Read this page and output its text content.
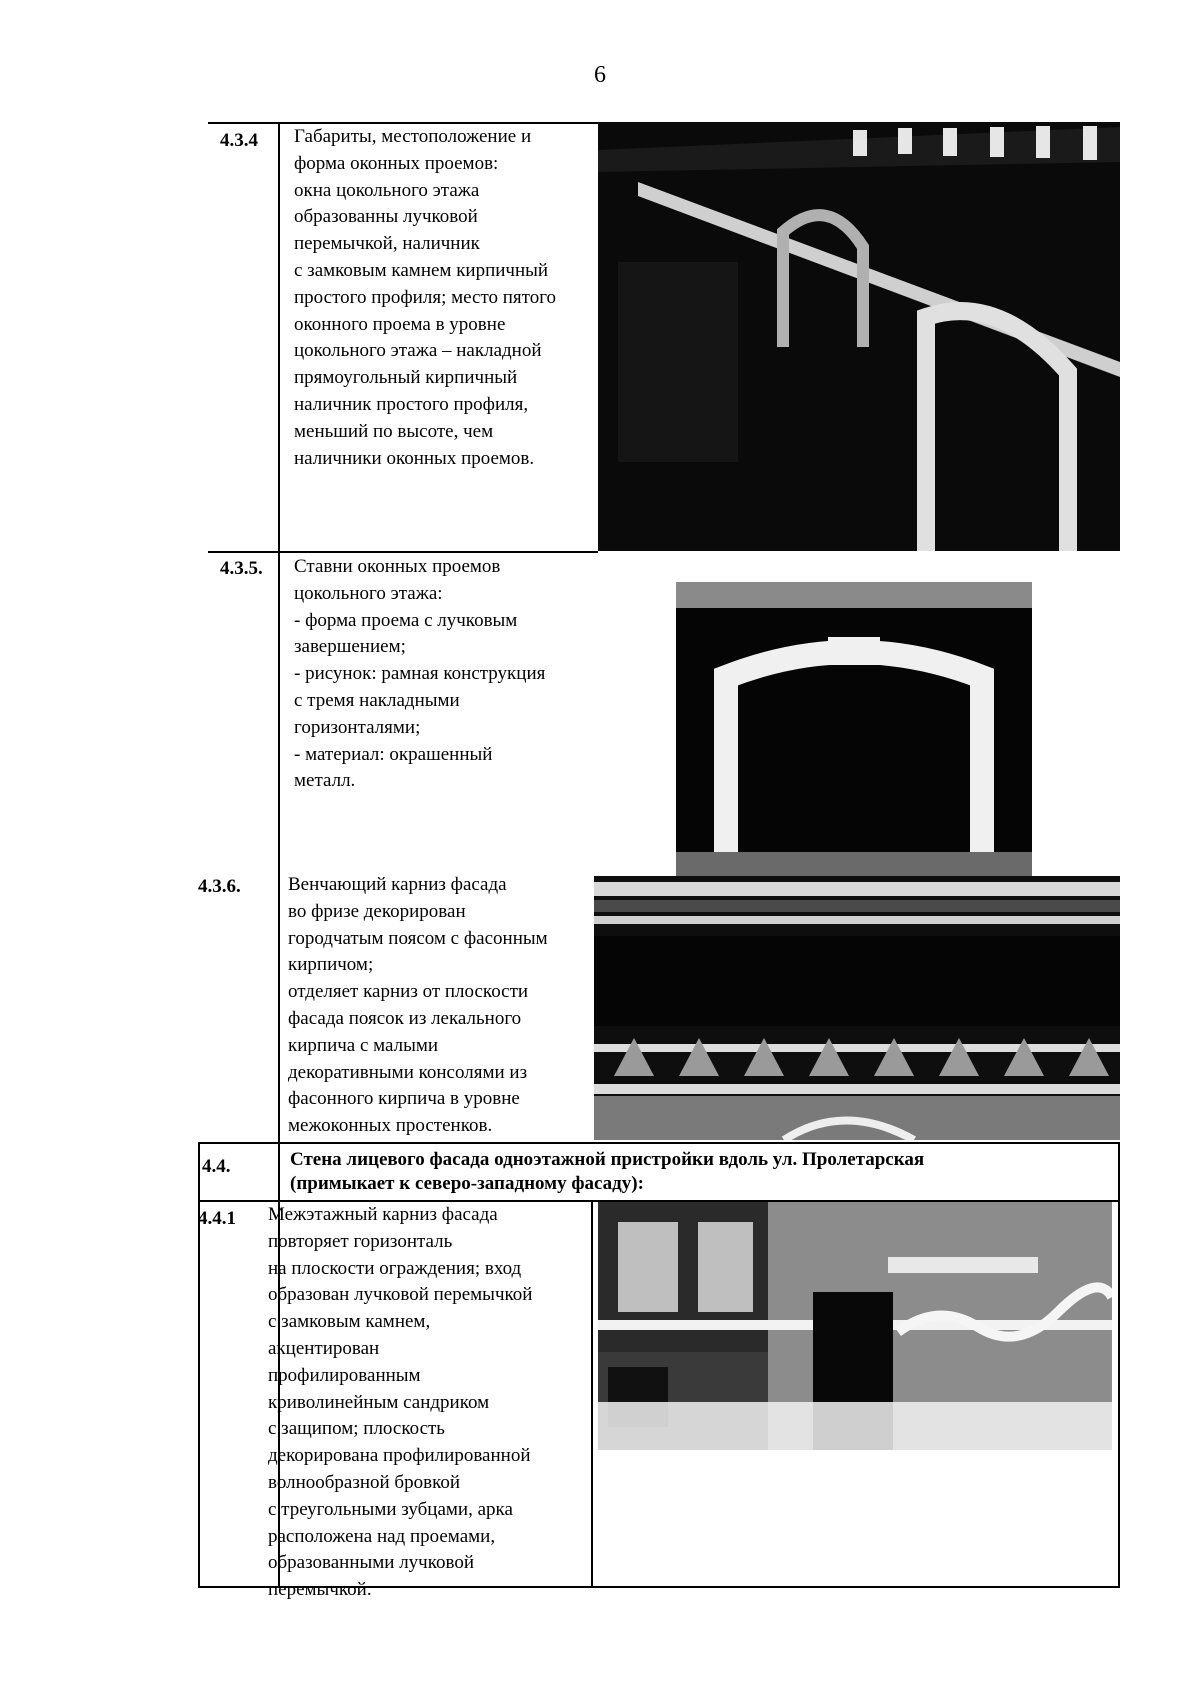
6
4.3.4 Габариты, местоположение и
форма оконных проемов:
окна цокольного этажа
образованны лучковой
перемычкой, наличник
с замковым камнем кирпичный
простого профиля; место пятого
оконного проема в уровне
цокольного этажа – накладной
прямоугольный кирпичный
наличник простого профиля,
меньший по высоте, чем
наличники оконных проемов.
4.3.5. Ставни оконных проемов
цокольного этажа:
- форма проема с лучковым
завершением;
- рисунок: рамная конструкция
с тремя накладными
горизонталями;
- материал: окрашенный
металл.
4.3.6. Венчающий карниз фасада
во фризе декорирован
городчатым поясом с фасонным
кирпичом;
отделяет карниз от плоскости
фасада поясок из лекального
кирпича с малыми
декоративными консолями из
фасонного кирпича в уровне
межоконных простенков.
4.4.	Стена лицевого фасада одноэтажной пристройки вдоль ул. Пролетарская
(примыкает к северо-западному фасаду):
4.4.1 Межэтажный карниз фасада
повторяет горизонталь
на плоскости ограждения; вход
образован лучковой перемычкой
с замковым камнем,
акцентирован
профилированным
криволинейным сандриком
с защипом; плоскость
декорирована профилированной
волнообразной бровкой
с треугольными зубцами, арка
расположена над проемами,
образованными лучковой
перемычкой.
